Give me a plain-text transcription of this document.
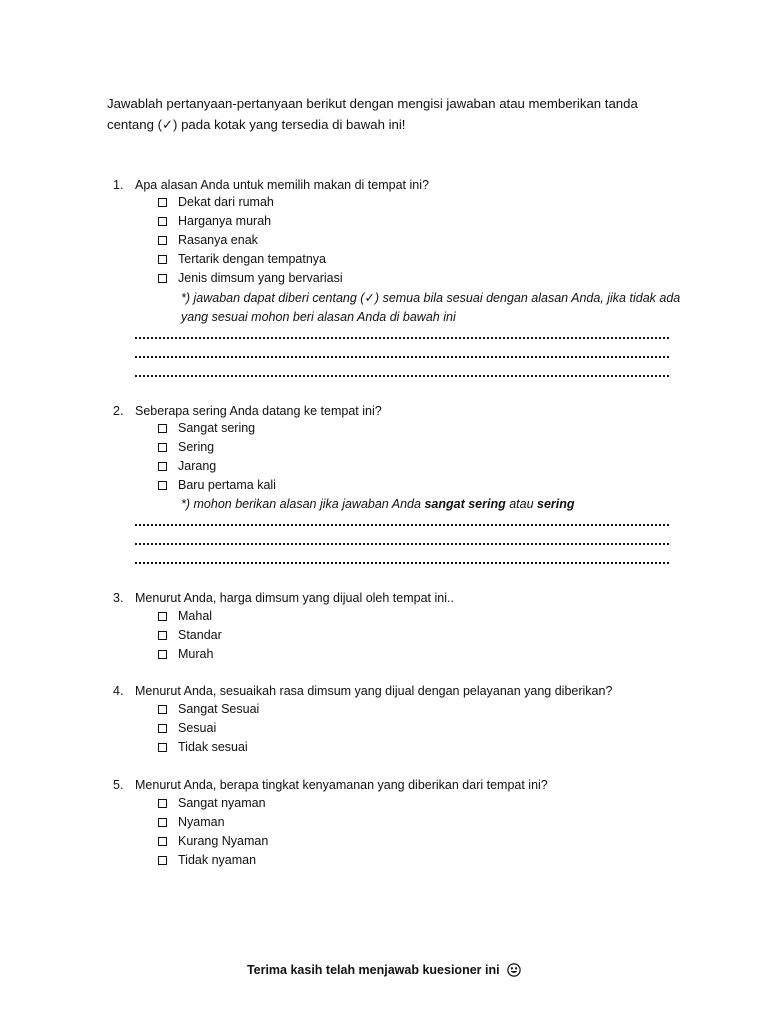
Jawablah pertanyaan-pertanyaan berikut dengan mengisi jawaban atau memberikan tanda centang (✓) pada kotak yang tersedia di bawah ini!

1. Apa alasan Anda untuk memilih makan di tempat ini?
Dekat dari rumah
Harganya murah
Rasanya enak
Tertarik dengan tempatnya
Jenis dimsum yang bervariasi

*) jawaban dapat diberi centang (✓) semua bila sesuai dengan alasan Anda, jika tidak ada yang sesuai mohon beri alasan Anda di bawah ini

2. Seberapa sering Anda datang ke tempat ini?
Sangat sering
Sering
Jarang
Baru pertama kali

*) mohon berikan alasan jika jawaban Anda sangat sering atau sering

3. Menurut Anda, harga dimsum yang dijual oleh tempat ini..
Mahal
Standar
Murah
4. Menurut Anda, sesuaikah rasa dimsum yang dijual dengan pelayanan yang diberikan?
Sangat Sesuai
Sesuai
Tidak sesuai
5. Menurut Anda, berapa tingkat kenyamanan yang diberikan dari tempat ini?
Sangat nyaman
Nyaman
Kurang Nyaman
Tidak nyaman
Terima kasih telah menjawab kuesioner ini
